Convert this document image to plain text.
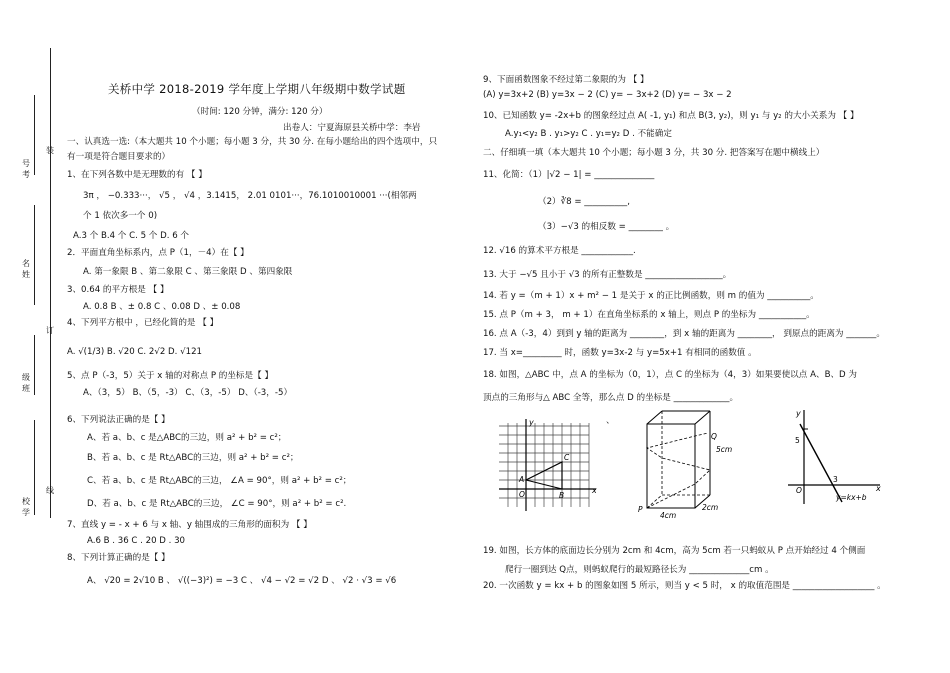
装
订
线
号考
名姓
级班
校学
关桥中学 2018-2019 学年度上学期八年级期中数学试题
（时间: 120 分钟，满分: 120 分）
出卷人：宁夏海原县关桥中学：李岩
一、认真选一选:（本大题共 10 个小题；每小题 3 分，共 30 分. 在每小题给出的四个选项中，只
有一项是符合题目要求的）
1、在下列各数中是无理数的有 【 】
3π ， −0.333···， √5 ， √4 ，3.1415， 2.01 0101···，76.1010010001 ···(相邻两
个 1 依次多一个 0)
A.3 个 B.4 个 C. 5 个 D. 6 个
2．平面直角坐标系内，点 P（1，－4）在【 】
A. 第一象限 B 、第二象限 C 、第三象限 D 、第四象限
3、0.64 的平方根是 【 】
A. 0.8 B 、± 0.8 C 、0.08 D 、± 0.08
4、下列平方根中 ，已经化简的是 【 】
A. √(1/3) B. √20 C. 2√2 D. √121
5、点 P（-3，5）关于 x 轴的对称点 P 的坐标是【 】
A、（3，5） B、（5，-3） C、（3，-5） D、（-3，-5）
6、下列说法正确的是【 】
A、若 a、b、c 是△ABC的三边，则 a² + b² = c²；
B、若 a、b、c 是 Rt△ABC的三边，则 a² + b² = c²；
C、若 a、b、c 是 Rt△ABC的三边， ∠A = 90°，则 a² + b² = c²；
D、若 a、b、c 是 Rt△ABC的三边， ∠C = 90°，则 a² + b² = c².
7、直线 y = - x + 6 与 x 轴、y 轴围成的三角形的面积为 【 】
A.6 B . 36 C . 20 D . 30
8、下列计算正确的是【 】
A、 √20 = 2√10 B 、 √((−3)²) = −3 C 、 √4 − √2 = √2 D 、 √2 · √3 = √6
9、下面函数图象不经过第二象限的为 【 】
(A) y=3x+2 (B) y=3x − 2 (C) y= − 3x+2 (D) y= − 3x − 2
10、已知函数 y= -2x+b 的图象经过点 A( -1, y₁) 和点 B(3, y₂)，则 y₁ 与 y₂ 的大小关系为 【 】
A.y₁<y₂ B . y₁>y₂ C . y₁=y₂ D . 不能确定
二、仔细填一填（本大题共 10 个小题；每小题 3 分，共 30 分. 把答案写在题中横线上）
11、化简：（1）|√2 − 1| = ______________
（2）∛8 = __________,
（3）−√3 的相反数 = ________ 。
12. √16 的算术平方根是 ____________.
13. 大于 −√5 且小于 √3 的所有正整数是 __________________。
14. 若 y =（m + 1）x + m² − 1 是关于 x 的正比例函数，则 m 的值为 __________。
15. 点 P（m + 3， m + 1）在直角坐标系的 x 轴上，则点 P 的坐标为 ___________。
16. 点 A（-3，4）到到 y 轴的距离为 ________，到 x 轴的距离为 ________， 到原点的距离为 _______。
17. 当 x=_________ 时，函数 y=3x-2 与 y=5x+1 有相同的函数值 。
18. 如图，△ABC 中，点 A 的坐标为（0，1），点 C 的坐标为（4，3）如果要使以点 A、B、D 为
顶点的三角形与△ ABC 全等，那么点 D 的坐标是 _____________。
、
y
x
O
A
C
B
Q
5cm
P
4cm
2cm
y
5
3
O	x
y=kx+b
19. 如图，长方体的底面边长分别为 2cm 和 4cm，高为 5cm 若一只蚂蚁从 P 点开始经过 4 个侧面
爬行一圈到达 Q点，则蚂蚁爬行的最短路径长为 ______________cm 。
20. 一次函数 y = kx + b 的图象如图 5 所示，则当 y < 5 时， x 的取值范围是 ___________________ 。
